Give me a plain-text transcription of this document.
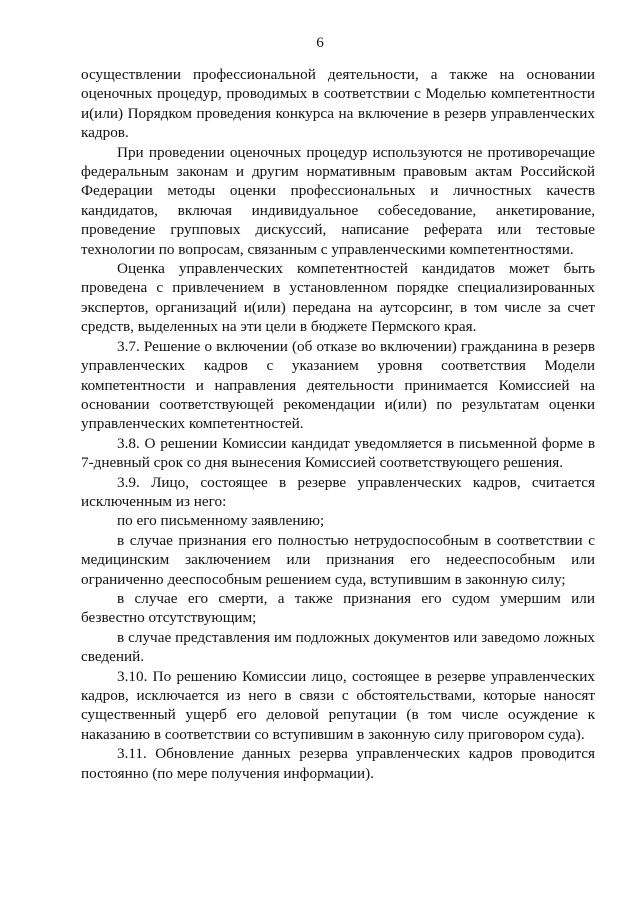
6

осуществлении профессиональной деятельности, а также на основании оценочных процедур, проводимых в соответствии с Моделью компетентности и(или) Порядком проведения конкурса на включение в резерв управленческих кадров.

При проведении оценочных процедур используются не противоречащие федеральным законам и другим нормативным правовым актам Российской Федерации методы оценки профессиональных и личностных качеств кандидатов, включая индивидуальное собеседование, анкетирование, проведение групповых дискуссий, написание реферата или тестовые технологии по вопросам, связанным с управленческими компетентностями.

Оценка управленческих компетентностей кандидатов может быть проведена с привлечением в установленном порядке специализированных экспертов, организаций и(или) передана на аутсорсинг, в том числе за счет средств, выделенных на эти цели в бюджете Пермского края.

3.7. Решение о включении (об отказе во включении) гражданина в резерв управленческих кадров с указанием уровня соответствия Модели компетентности и направления деятельности принимается Комиссией на основании соответствующей рекомендации и(или) по результатам оценки управленческих компетентностей.

3.8. О решении Комиссии кандидат уведомляется в письменной форме в 7-дневный срок со дня вынесения Комиссией соответствующего решения.

3.9. Лицо, состоящее в резерве управленческих кадров, считается исключенным из него:

по его письменному заявлению;

в случае признания его полностью нетрудоспособным в соответствии с медицинским заключением или признания его недееспособным или ограниченно дееспособным решением суда, вступившим в законную силу;

в случае его смерти, а также признания его судом умершим или безвестно отсутствующим;

в случае представления им подложных документов или заведомо ложных сведений.

3.10. По решению Комиссии лицо, состоящее в резерве управленческих кадров, исключается из него в связи с обстоятельствами, которые наносят существенный ущерб его деловой репутации (в том числе осуждение к наказанию в соответствии со вступившим в законную силу приговором суда).

3.11. Обновление данных резерва управленческих кадров проводится постоянно (по мере получения информации).
